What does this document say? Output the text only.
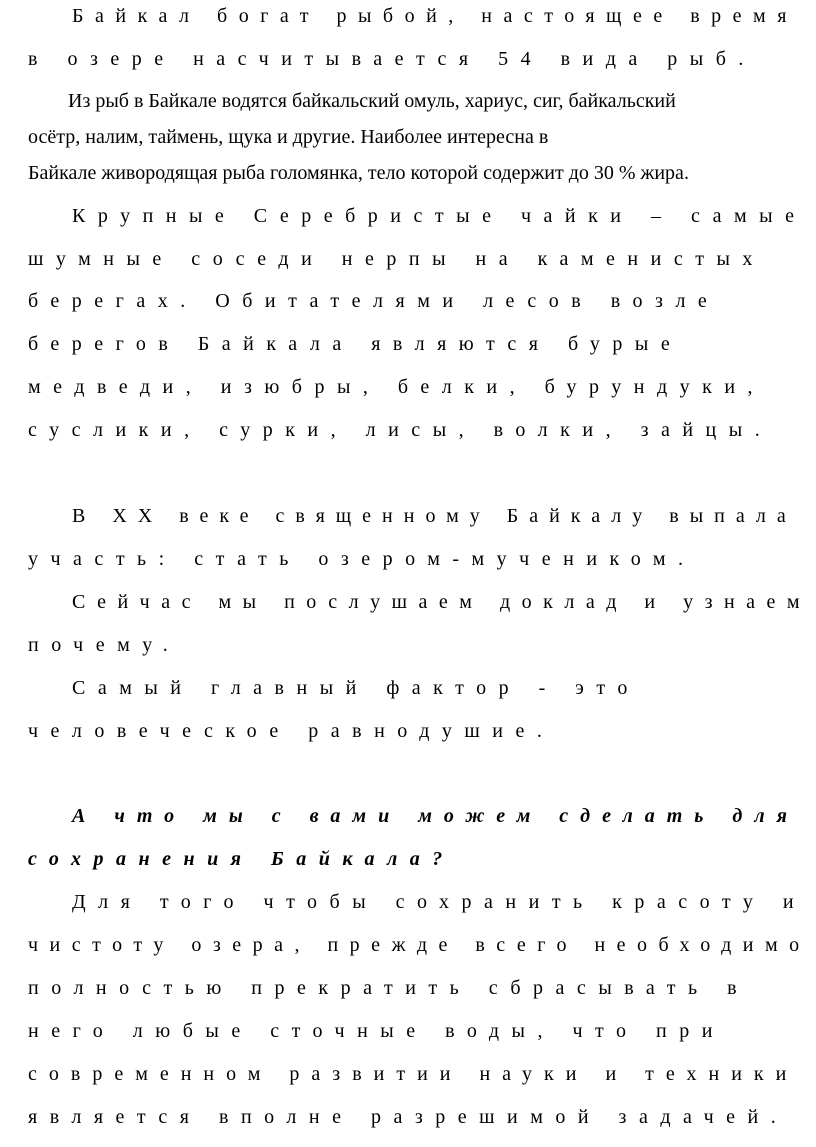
Байкал богат рыбой, настоящее время

в озере насчитывается 54 вида рыб.

Из рыб в Байкале водятся байкальский омуль, хариус, сиг, байкальский

осётр, налим, таймень, щука и другие. Наиболее интересна в

Байкале живородящая рыба голомянка, тело которой содержит до 30 % жира.

Крупные Серебристые чайки – самые

шумные соседи нерпы на каменистых

берегах. Обитателями лесов возле

берегов Байкала являются бурые

медведи, изюбры, белки, бурундуки,

суслики, сурки, лисы, волки, зайцы.

В XX веке священному Байкалу выпала

участь: стать озером-мучеником.

Сейчас мы послушаем доклад и узнаем

почему.

Самый главный фактор - это

человеческое равнодушие.

А что мы с вами можем сделать для

сохранения Байкала?

Для того чтобы сохранить красоту и

чистоту озера, прежде всего необходимо

полностью прекратить сбрасывать в

него любые сточные воды, что при

современном развитии науки и техники

является вполне разрешимой задачей.
